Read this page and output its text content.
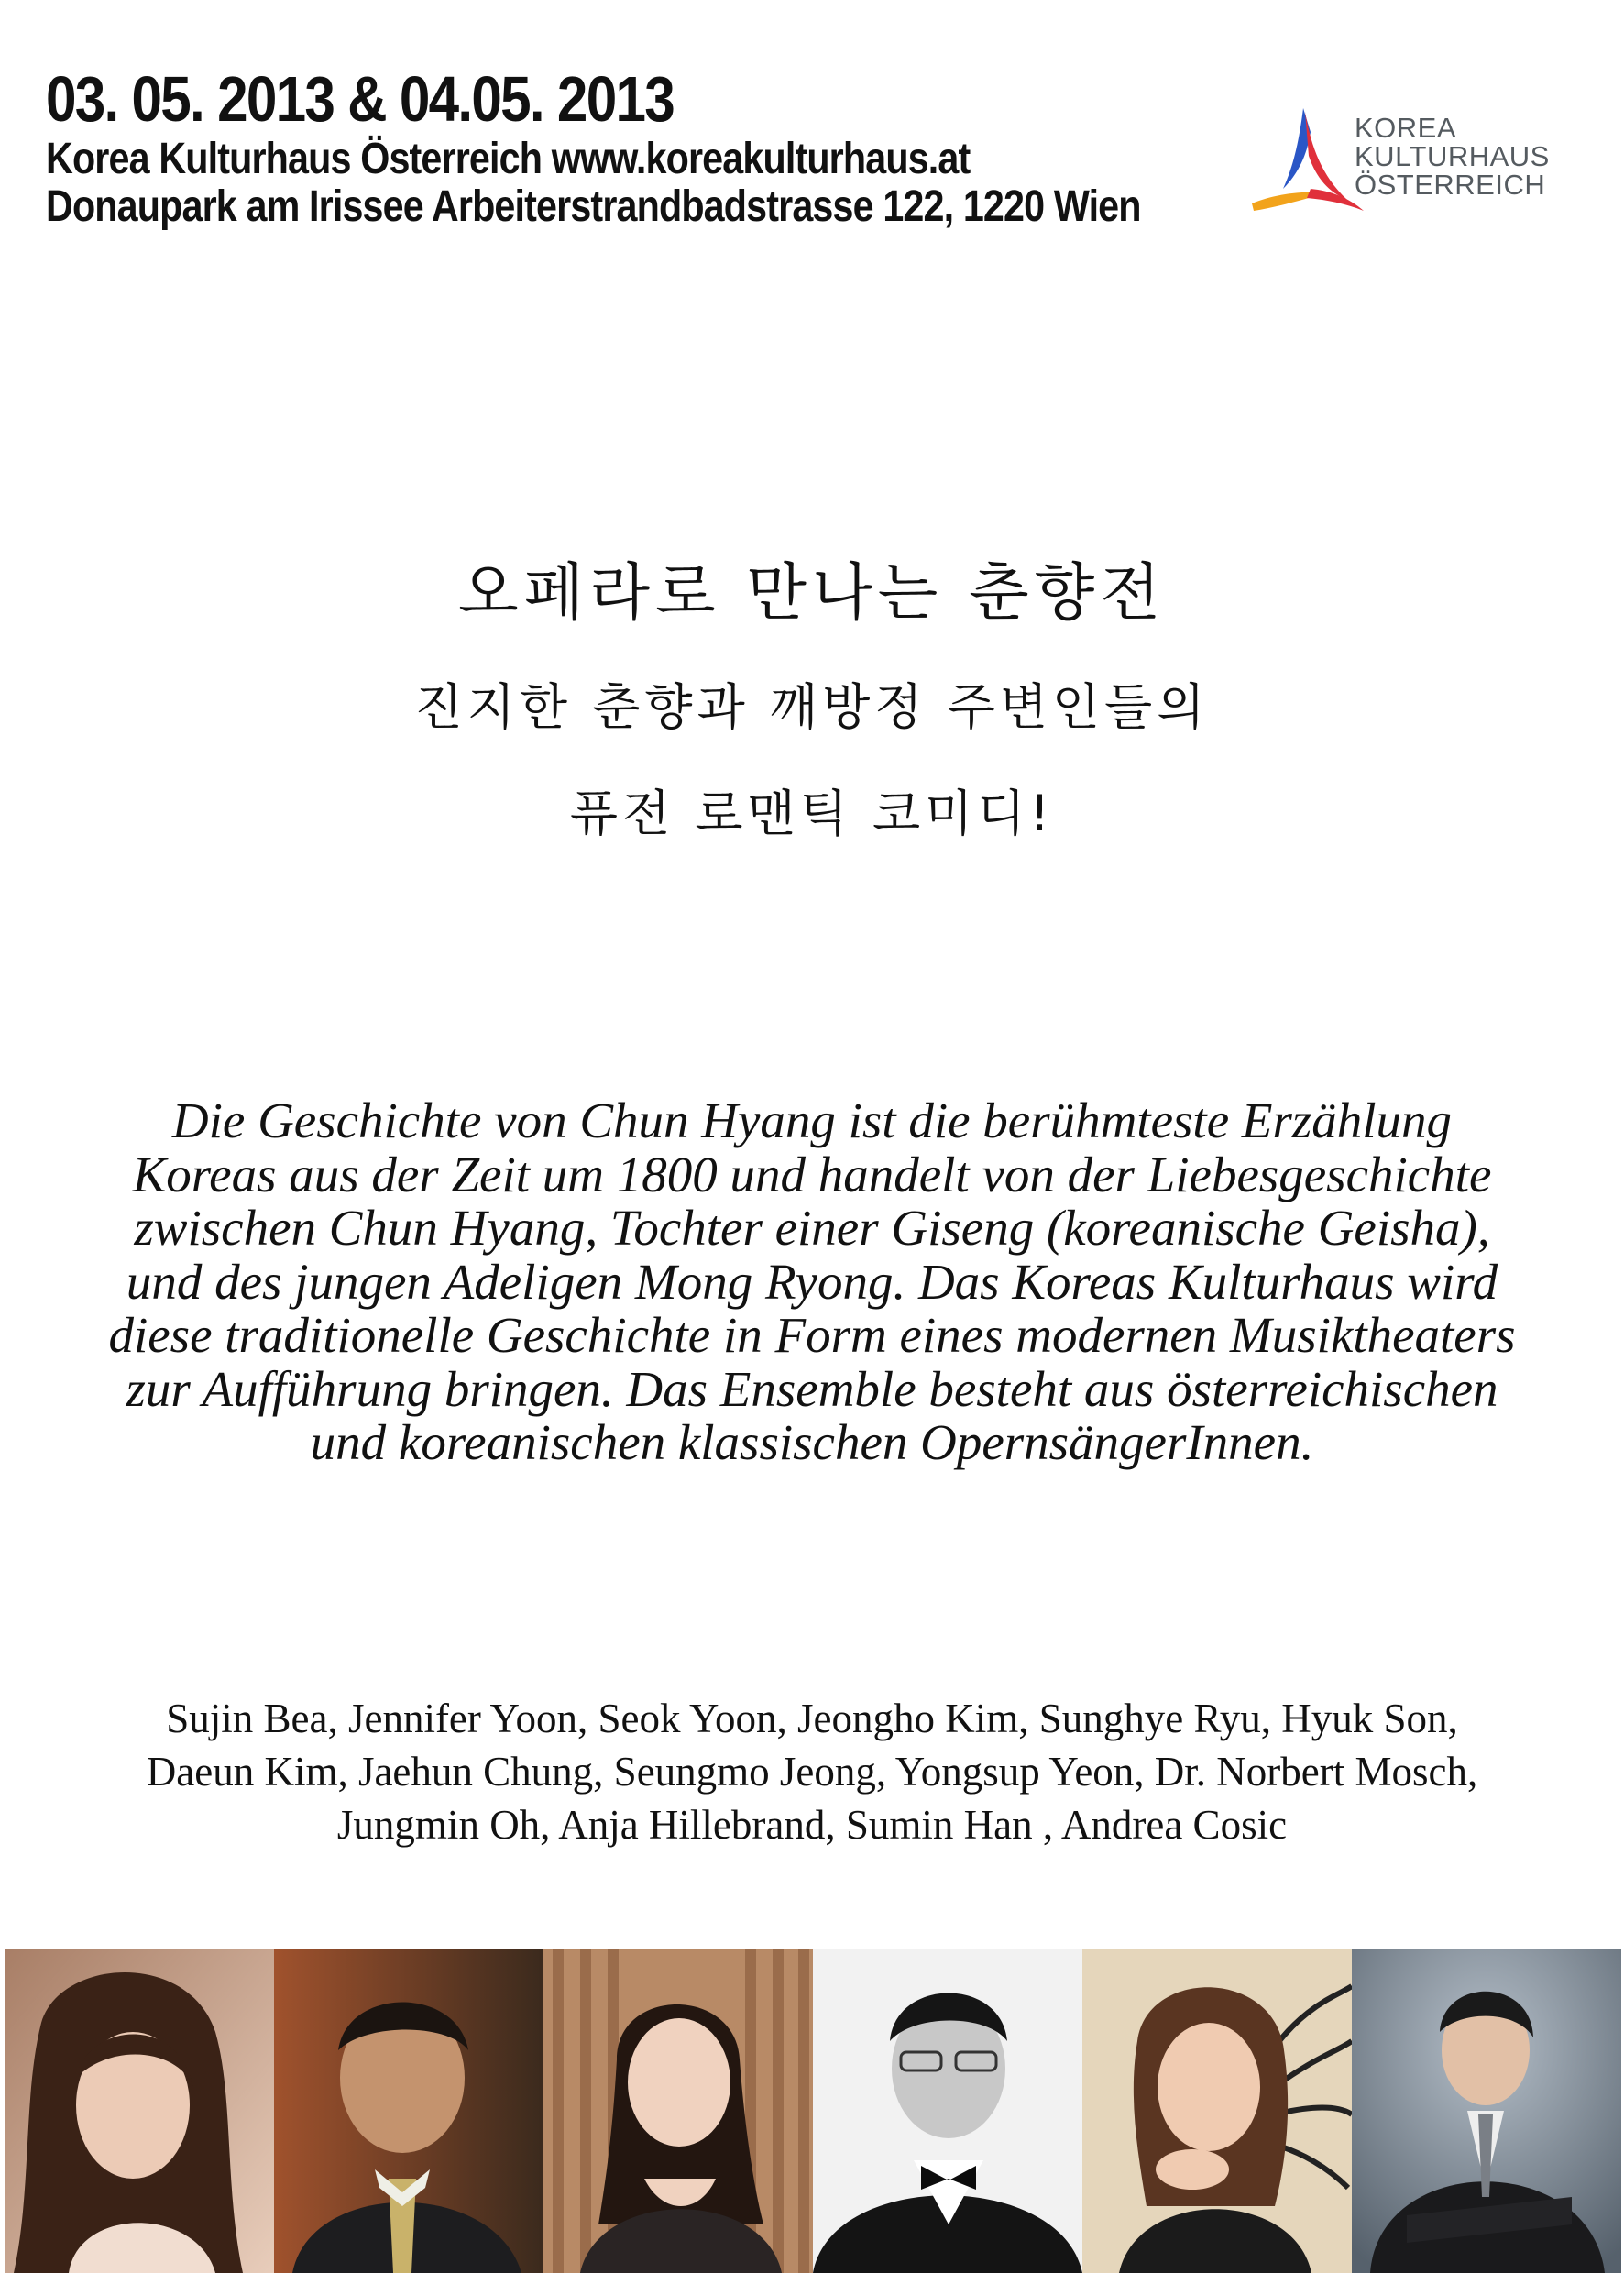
03. 05. 2013 & 04.05. 2013
Korea Kulturhaus Österreich www.koreakulturhaus.at
Donaupark am Irissee Arbeiterstrandbadstrasse 122, 1220 Wien
KOREA
KULTURHAUS
ÖSTERREICH
오페라로 만나는 춘향전
진지한 춘향과 깨방정 주변인들의
퓨전 로맨틱 코미디!
Die Geschichte von Chun Hyang ist die berühmteste Erzählung
Koreas aus der Zeit um 1800 und handelt von der Liebesgeschichte
zwischen Chun Hyang, Tochter einer Giseng (koreanische Geisha),
und des jungen Adeligen Mong Ryong. Das Koreas Kulturhaus wird
diese traditionelle Geschichte in Form eines modernen Musiktheaters
zur Aufführung bringen. Das Ensemble besteht aus österreichischen
und koreanischen klassischen OpernsängerInnen.
Sujin Bea, Jennifer Yoon, Seok Yoon, Jeongho Kim, Sunghye Ryu, Hyuk Son,
Daeun Kim, Jaehun Chung, Seungmo Jeong, Yongsup Yeon, Dr. Norbert Mosch,
Jungmin Oh, Anja Hillebrand, Sumin Han , Andrea Cosic
